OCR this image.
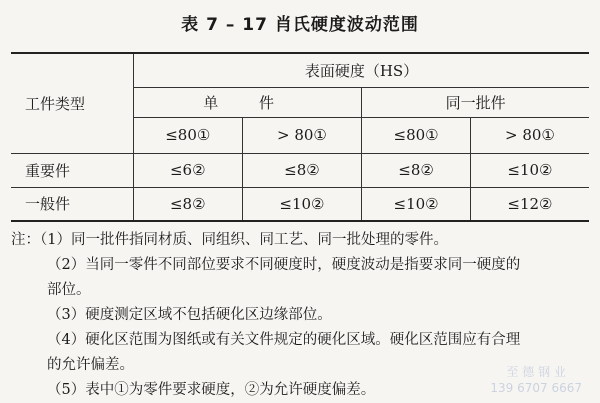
表 7 – 17 肖氏硬度波动范围
工件类型	表面硬度（HS）			
	单 件		同一批件	
	≤80①	> 80①	≤80①	> 80①
重要件	≤6②	≤8②	≤8②	≤10②
一般件	≤8②	≤10②	≤10②	≤12②
注：（1）同一批件指同材质、同组织、同工艺、同一批处理的零件。
（2）当同一零件不同部位要求不同硬度时，硬度波动是指要求同一硬度的
部位。
（3）硬度测定区域不包括硬化区边缘部位。
（4）硬化区范围为图纸或有关文件规定的硬化区域。硬化区范围应有合理
的允许偏差。
（5）表中①为零件要求硬度，②为允许硬度偏差。
至 德 钢 业
139 6707 6667
